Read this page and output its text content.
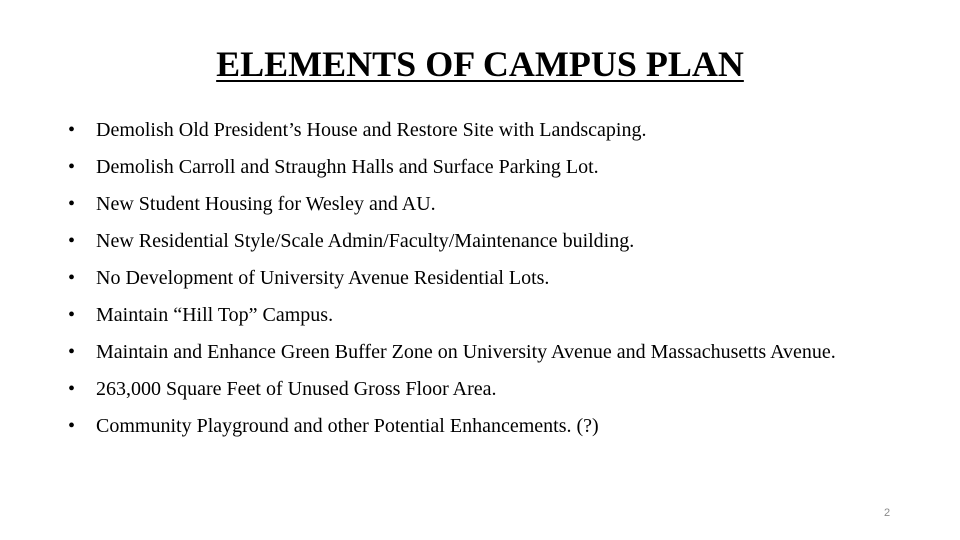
ELEMENTS OF CAMPUS PLAN
•	Demolish Old President’s House and Restore Site with Landscaping.
•	Demolish Carroll and Straughn Halls and Surface Parking Lot.
•	New Student Housing for Wesley and AU.
•	New Residential Style/Scale Admin/Faculty/Maintenance building.
•	No Development of University Avenue Residential Lots.
•	Maintain “Hill Top” Campus.
•	Maintain and Enhance Green Buffer Zone on University Avenue and Massachusetts Avenue.
•	263,000 Square Feet of Unused Gross Floor Area.
•	Community Playground and other Potential Enhancements. (?)
2
